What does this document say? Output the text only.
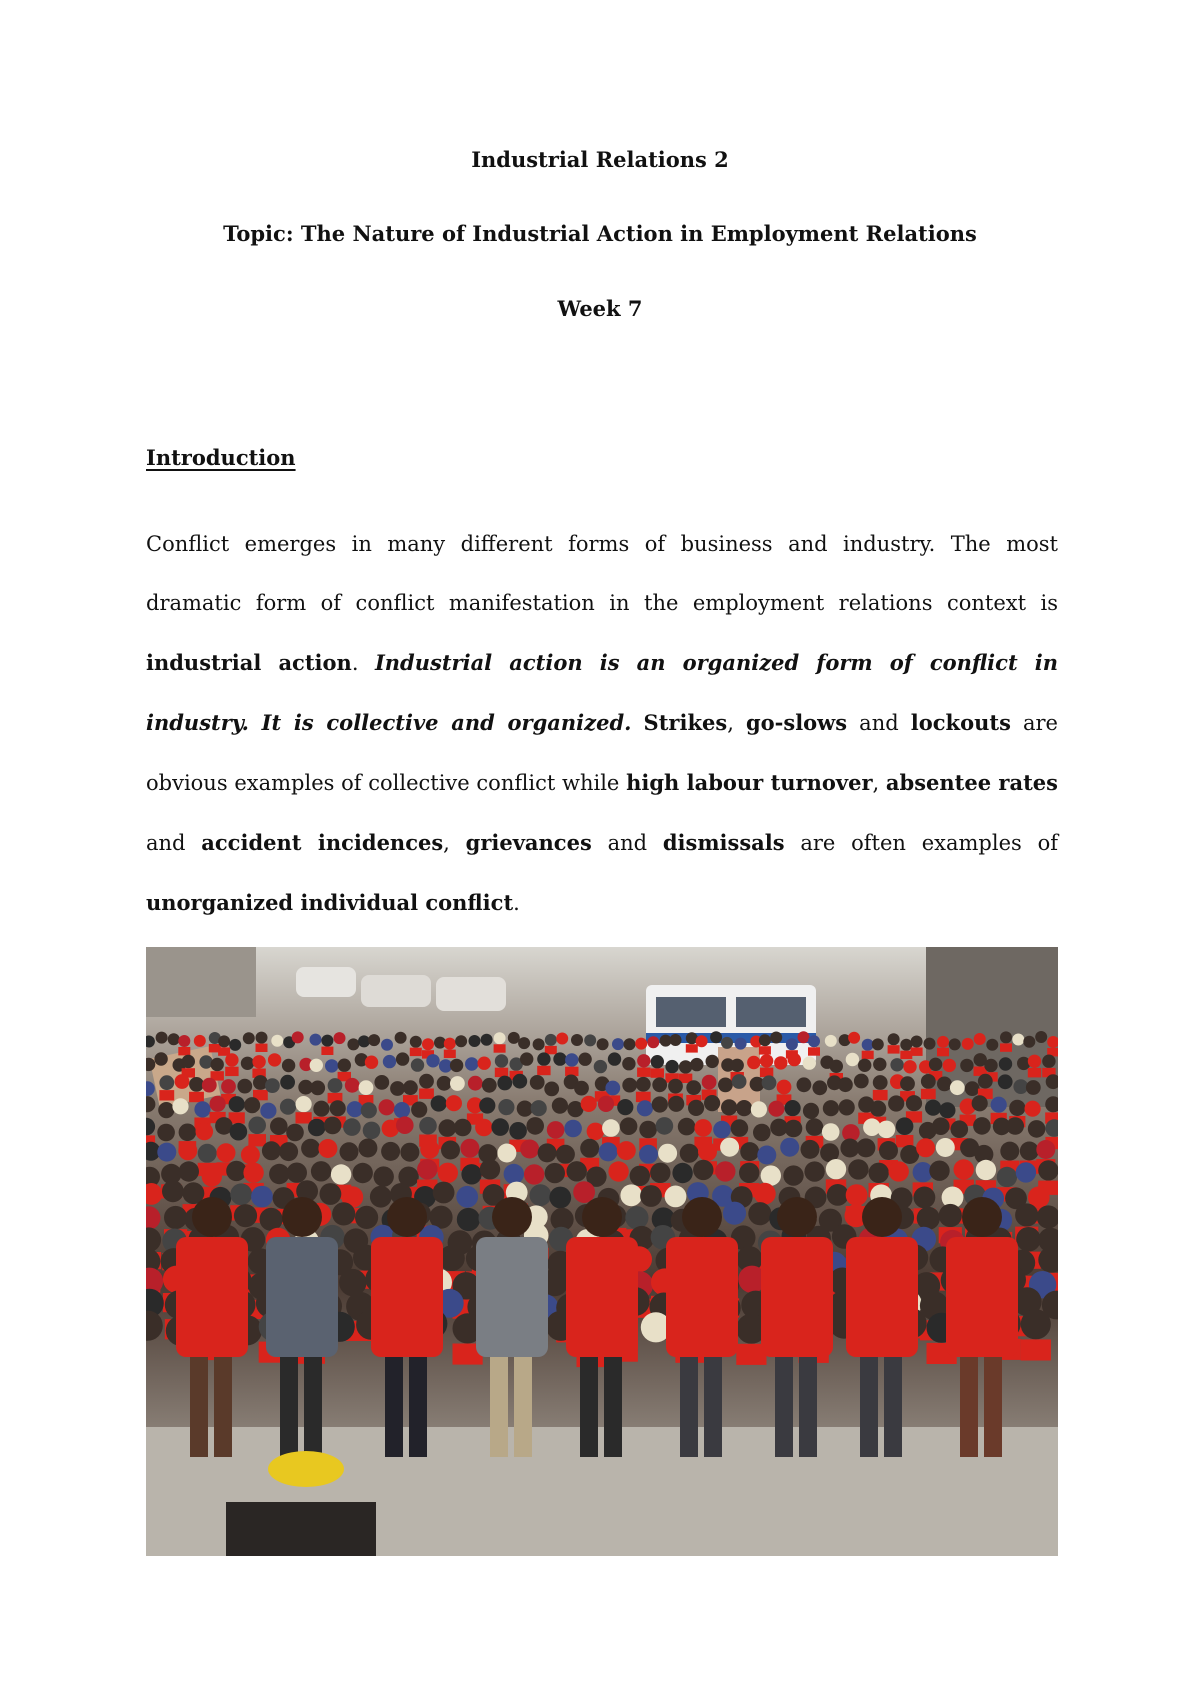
Industrial Relations 2
Topic: The Nature of Industrial Action in Employment Relations
Week 7
Introduction

Conflict emerges in many different forms of business and industry. The most dramatic form of conflict manifestation in the employment relations context is industrial action. Industrial action is an organized form of conflict in industry. It is collective and organized. Strikes, go-slows and lockouts are obvious examples of collective conflict while high labour turnover, absentee rates and accident incidences, grievances and dismissals are often examples of unorganized individual conflict.
